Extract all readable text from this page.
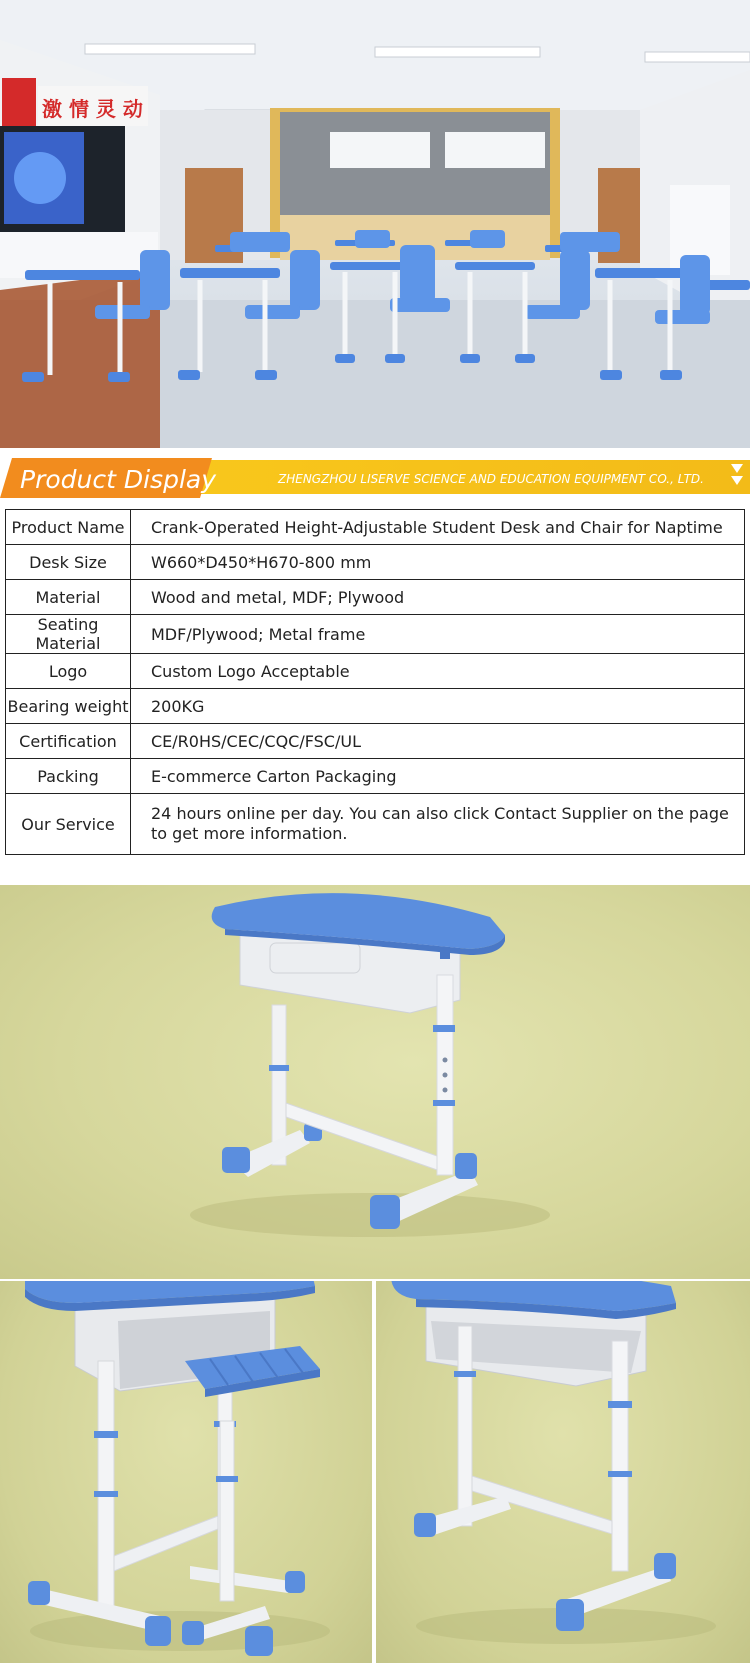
激 情 灵 动
Product Display	ZHENGZHOU LISERVE SCIENCE AND EDUCATION EQUIPMENT CO., LTD.
Product Name	Crank-Operated Height-Adjustable Student Desk and Chair for Naptime
Desk Size	W660*D450*H670-800 mm
Material	Wood and metal, MDF; Plywood
Seating Material	MDF/Plywood; Metal frame
Logo	Custom Logo Acceptable
Bearing weight	200KG
Certification	CE/R0HS/CEC/CQC/FSC/UL
Packing	E-commerce Carton Packaging
Our Service	24 hours online per day. You can also click Contact Supplier on the page to get more information.
